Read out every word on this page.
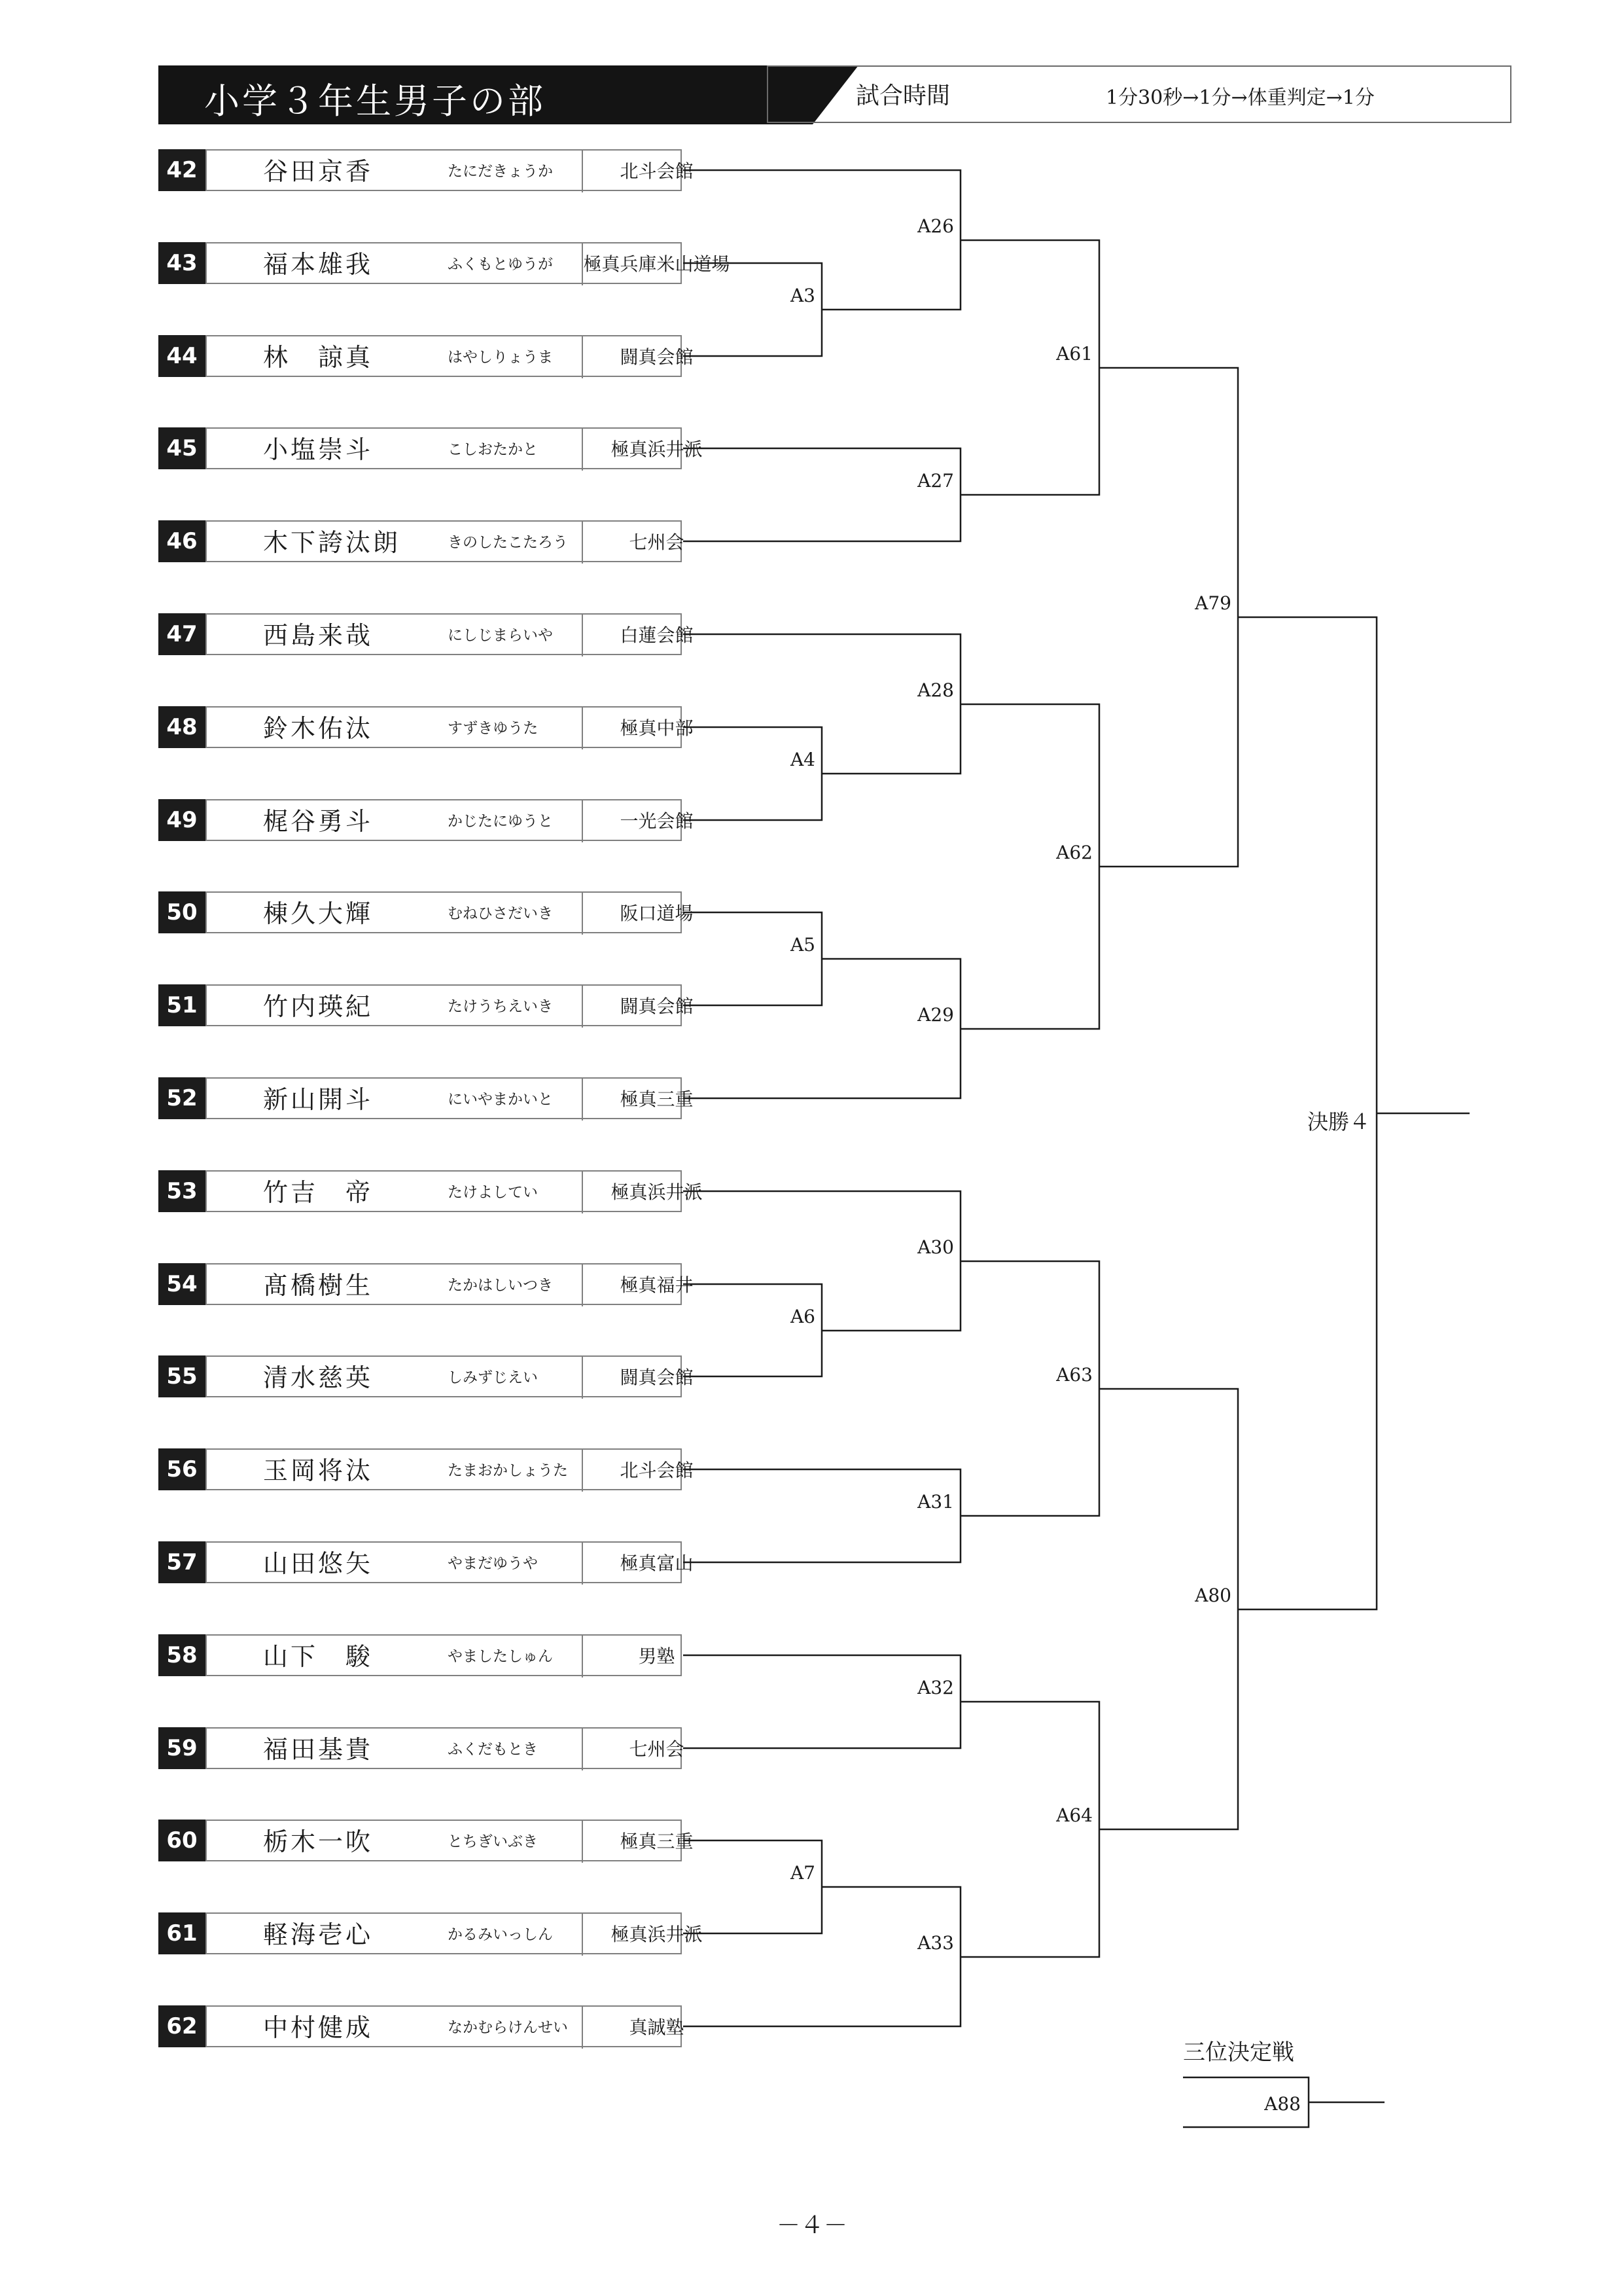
小学３年生男子の部	試合時間	1分30秒→1分→体重判定→1分
42	谷田京香	たにだきょうか	北斗会館
43	福本雄我	ふくもとゆうが 極真兵庫米山道場
44	林　諒真	はやしりょうま	闘真会館
45	小塩崇斗	こしおたかと	極真浜井派
46	木下誇汰朗	きのしたこたろう	七州会
47	西島来哉	にしじまらいや	白蓮会館
48	鈴木佑汰	すずきゆうた	極真中部
49	梶谷勇斗	かじたにゆうと	一光会館
50	棟久大輝	むねひさだいき	阪口道場
51	竹内瑛紀	たけうちえいき	闘真会館
52	新山開斗	にいやまかいと	極真三重
53	竹吉　帝	たけよしてい	極真浜井派
54	髙橋樹生	たかはしいつき	極真福井
55	清水慈英	しみずじえい	闘真会館
56	玉岡将汰	たまおかしょうた	北斗会館
57	山田悠矢	やまだゆうや	極真富山
58	山下　駿	やましたしゅん	男塾
59	福田基貴	ふくだもとき	七州会
60	栃木一吹	とちぎいぶき	極真三重
61	軽海壱心	かるみいっしん	極真浜井派
62	中村健成	なかむらけんせい	真誠塾
A3
A4
A5
A6
A7
A26
A27
A28
A29
A30
A31
A32
A33
A61
A62
A63
A64
A79
A80
決勝４
A88
三位決定戦
－４－
